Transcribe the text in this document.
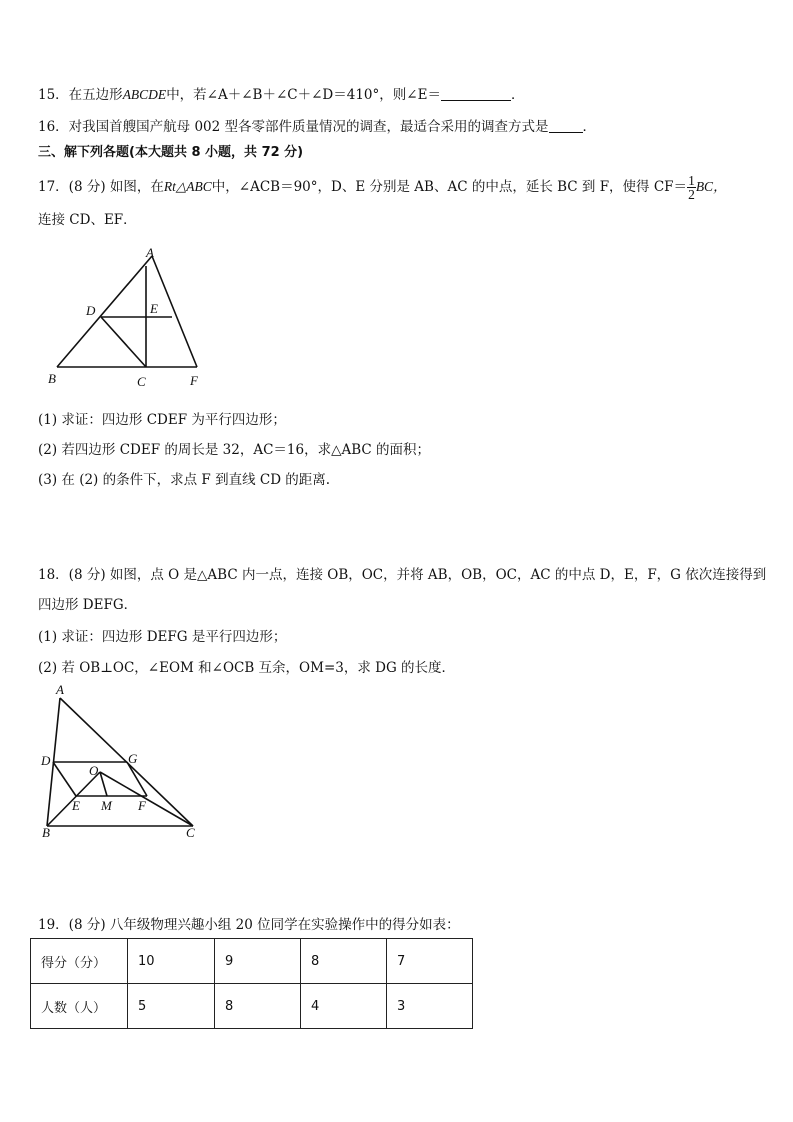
15．在五边形ABCDE中，若∠A＋∠B＋∠C＋∠D＝410°，则∠E＝	．
16．对我国首艘国产航母 002 型各零部件质量情况的调查，最适合采用的调查方式是	．
三、解下列各题(本大题共 8 小题，共 72 分)
17．(8 分) 如图，在Rt△ABC中，∠ACB＝90°，D、E 分别是 AB、AC 的中点，延长 BC 到 F，使得 $CF= \frac{1}{2}$ BC，
连接 CD、EF．
A
D	E
B	C	F
(1) 求证：四边形 CDEF 为平行四边形；
(2) 若四边形 CDEF 的周长是 32，AC＝16，求△ABC 的面积；
(3) 在 (2) 的条件下，求点 F 到直线 CD 的距离.
18．(8 分) 如图，点 O 是△ABC 内一点，连接 OB，OC，并将 AB，OB，OC，AC 的中点 D，E，F，G 依次连接得到
四边形 DEFG．
(1) 求证：四边形 DEFG 是平行四边形；
(2) 若 OB⊥OC，∠EOM 和∠OCB 互余，OM=3，求 DG 的长度．
A
D	G
O
E M F
B	C
19．(8 分) 八年级物理兴趣小组 20 位同学在实验操作中的得分如表：
得分（分）	10	9	8	7
人数（人）	5	8	4	3
